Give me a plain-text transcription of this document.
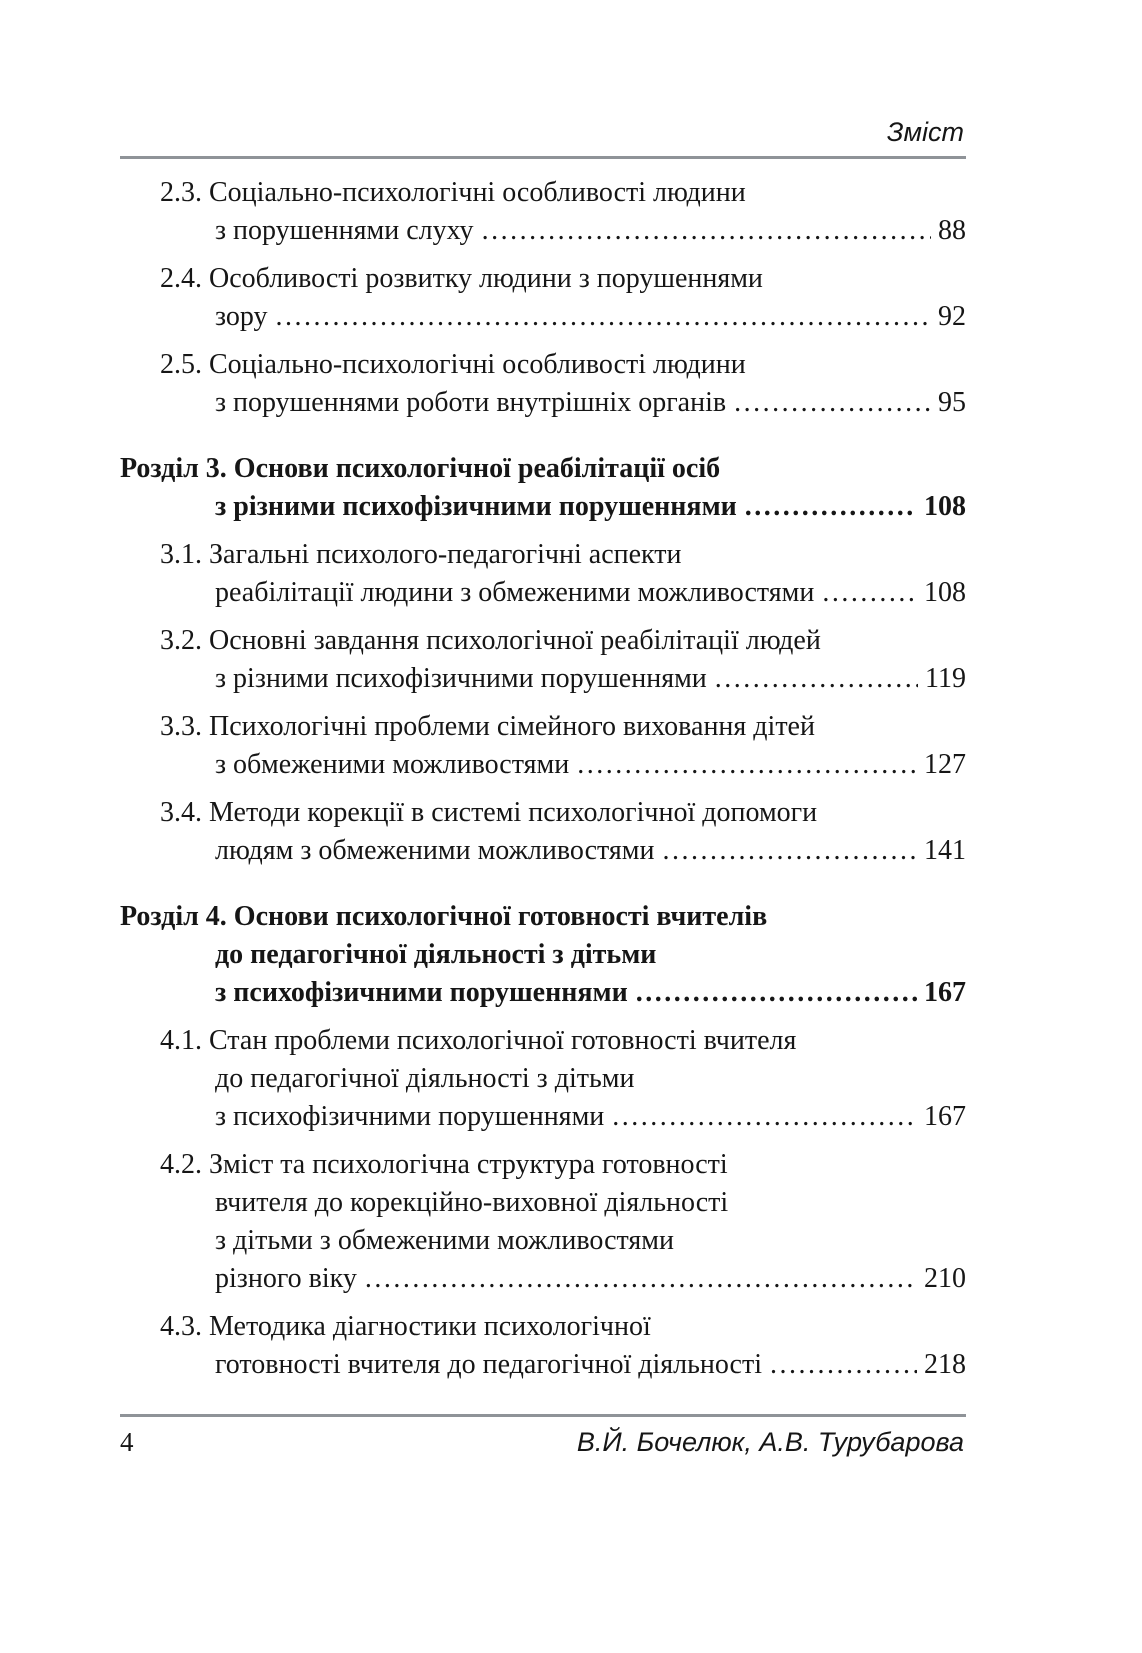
Зміст
2.3. Соціально-психологічні особливості людини
з порушеннями слуху .....	88
2.4. Особливості розвитку людини з порушеннями
зору .....	92
2.5. Соціально-психологічні особливості людини
з порушеннями роботи внутрішніх органів .....	95
Розділ 3. Основи психологічної реабілітації осіб
з різними психофізичними порушеннями .....	108
3.1. Загальні психолого-педагогічні аспекти
реабілітації людини з обмеженими можливостями .....	108
3.2. Основні завдання психологічної реабілітації людей
з різними психофізичними порушеннями .....	119
3.3. Психологічні проблеми сімейного виховання дітей
з обмеженими можливостями .....	127
3.4. Методи корекції в системі психологічної допомоги
людям з обмеженими можливостями .....	141
Розділ 4. Основи психологічної готовності вчителів
до педагогічної діяльності з дітьми
з психофізичними порушеннями .....	167
4.1. Стан проблеми психологічної готовності вчителя
до педагогічної діяльності з дітьми
з психофізичними порушеннями .....	167
4.2. Зміст та психологічна структура готовності
вчителя до корекційно-виховної діяльності
з дітьми з обмеженими можливостями
різного віку .....	210
4.3. Методика діагностики психологічної
готовності вчителя до педагогічної діяльності .....	218
4	В.Й. Бочелюк, А.В. Турубарова
